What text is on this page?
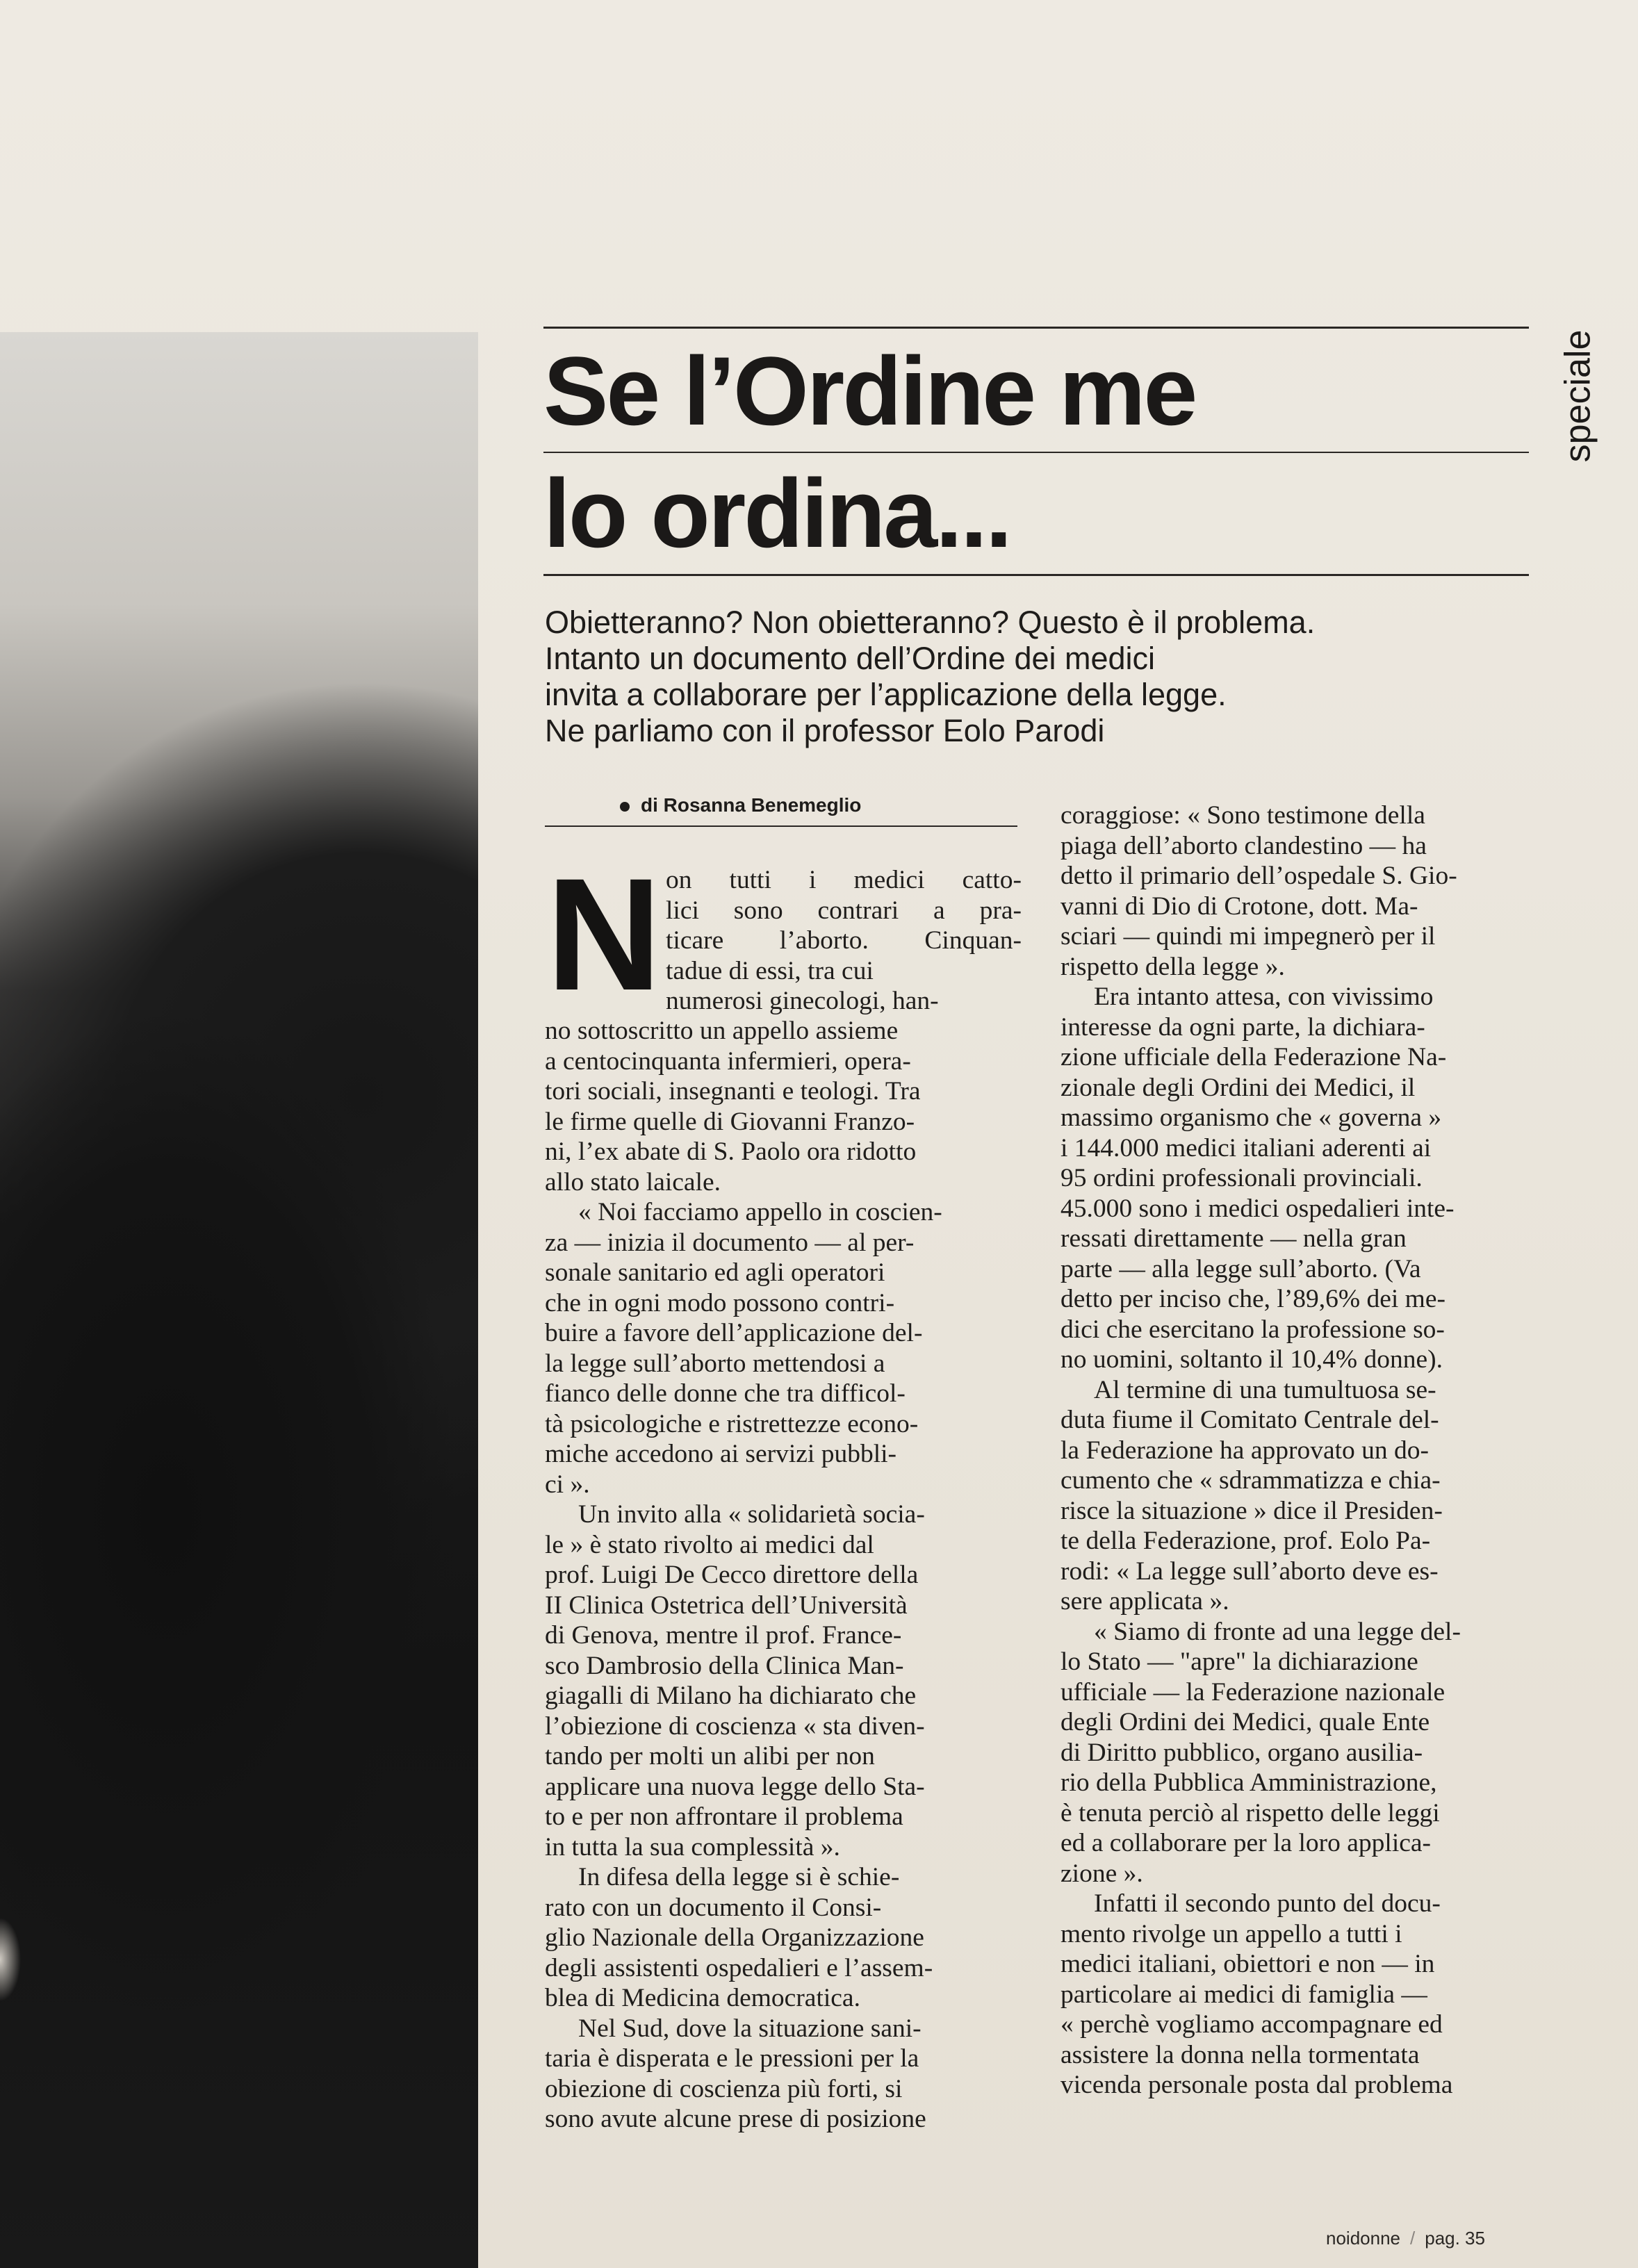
Se l’Ordine me
lo ordina...
speciale
Obietteranno? Non obietteranno? Questo è il problema.
Intanto un documento dell’Ordine dei medici
invita a collaborare per l’applicazione della legge.
Ne parliamo con il professor Eolo Parodi
di Rosanna Benemeglio
N on tutti i medici catto-
lici sono contrari a pra-
ticare l’aborto. Cinquan-
tadue di essi, tra cui
numerosi ginecologi, han-
no sottoscritto un appello assieme
a centocinquanta infermieri, opera-
tori sociali, insegnanti e teologi. Tra
le firme quelle di Giovanni Franzo-
ni, l’ex abate di S. Paolo ora ridotto
allo stato laicale.
« Noi facciamo appello in coscien-
za — inizia il documento — al per-
sonale sanitario ed agli operatori
che in ogni modo possono contri-
buire a favore dell’applicazione del-
la legge sull’aborto mettendosi a
fianco delle donne che tra difficol-
tà psicologiche e ristrettezze econo-
miche accedono ai servizi pubbli-
ci ».
Un invito alla « solidarietà socia-
le » è stato rivolto ai medici dal
prof. Luigi De Cecco direttore della
II Clinica Ostetrica dell’Università
di Genova, mentre il prof. France-
sco Dambrosio della Clinica Man-
giagalli di Milano ha dichiarato che
l’obiezione di coscienza « sta diven-
tando per molti un alibi per non
applicare una nuova legge dello Sta-
to e per non affrontare il problema
in tutta la sua complessità ».
In difesa della legge si è schie-
rato con un documento il Consi-
glio Nazionale della Organizzazione
degli assistenti ospedalieri e l’assem-
blea di Medicina democratica.
Nel Sud, dove la situazione sani-
taria è disperata e le pressioni per la
obiezione di coscienza più forti, si
sono avute alcune prese di posizione
coraggiose: « Sono testimone della
piaga dell’aborto clandestino — ha
detto il primario dell’ospedale S. Gio-
vanni di Dio di Crotone, dott. Ma-
sciari — quindi mi impegnerò per il
rispetto della legge ».
Era intanto attesa, con vivissimo
interesse da ogni parte, la dichiara-
zione ufficiale della Federazione Na-
zionale degli Ordini dei Medici, il
massimo organismo che « governa »
i 144.000 medici italiani aderenti ai
95 ordini professionali provinciali.
45.000 sono i medici ospedalieri inte-
ressati direttamente — nella gran
parte — alla legge sull’aborto. (Va
detto per inciso che, l’89,6% dei me-
dici che esercitano la professione so-
no uomini, soltanto il 10,4% donne).
Al termine di una tumultuosa se-
duta fiume il Comitato Centrale del-
la Federazione ha approvato un do-
cumento che « sdrammatizza e chia-
risce la situazione » dice il Presiden-
te della Federazione, prof. Eolo Pa-
rodi: « La legge sull’aborto deve es-
sere applicata ».
« Siamo di fronte ad una legge del-
lo Stato — "apre" la dichiarazione
ufficiale — la Federazione nazionale
degli Ordini dei Medici, quale Ente
di Diritto pubblico, organo ausilia-
rio della Pubblica Amministrazione,
è tenuta perciò al rispetto delle leggi
ed a collaborare per la loro applica-
zione ».
Infatti il secondo punto del docu-
mento rivolge un appello a tutti i
medici italiani, obiettori e non — in
particolare ai medici di famiglia —
« perchè vogliamo accompagnare ed
assistere la donna nella tormentata
vicenda personale posta dal problema
noidonne / pag. 35
